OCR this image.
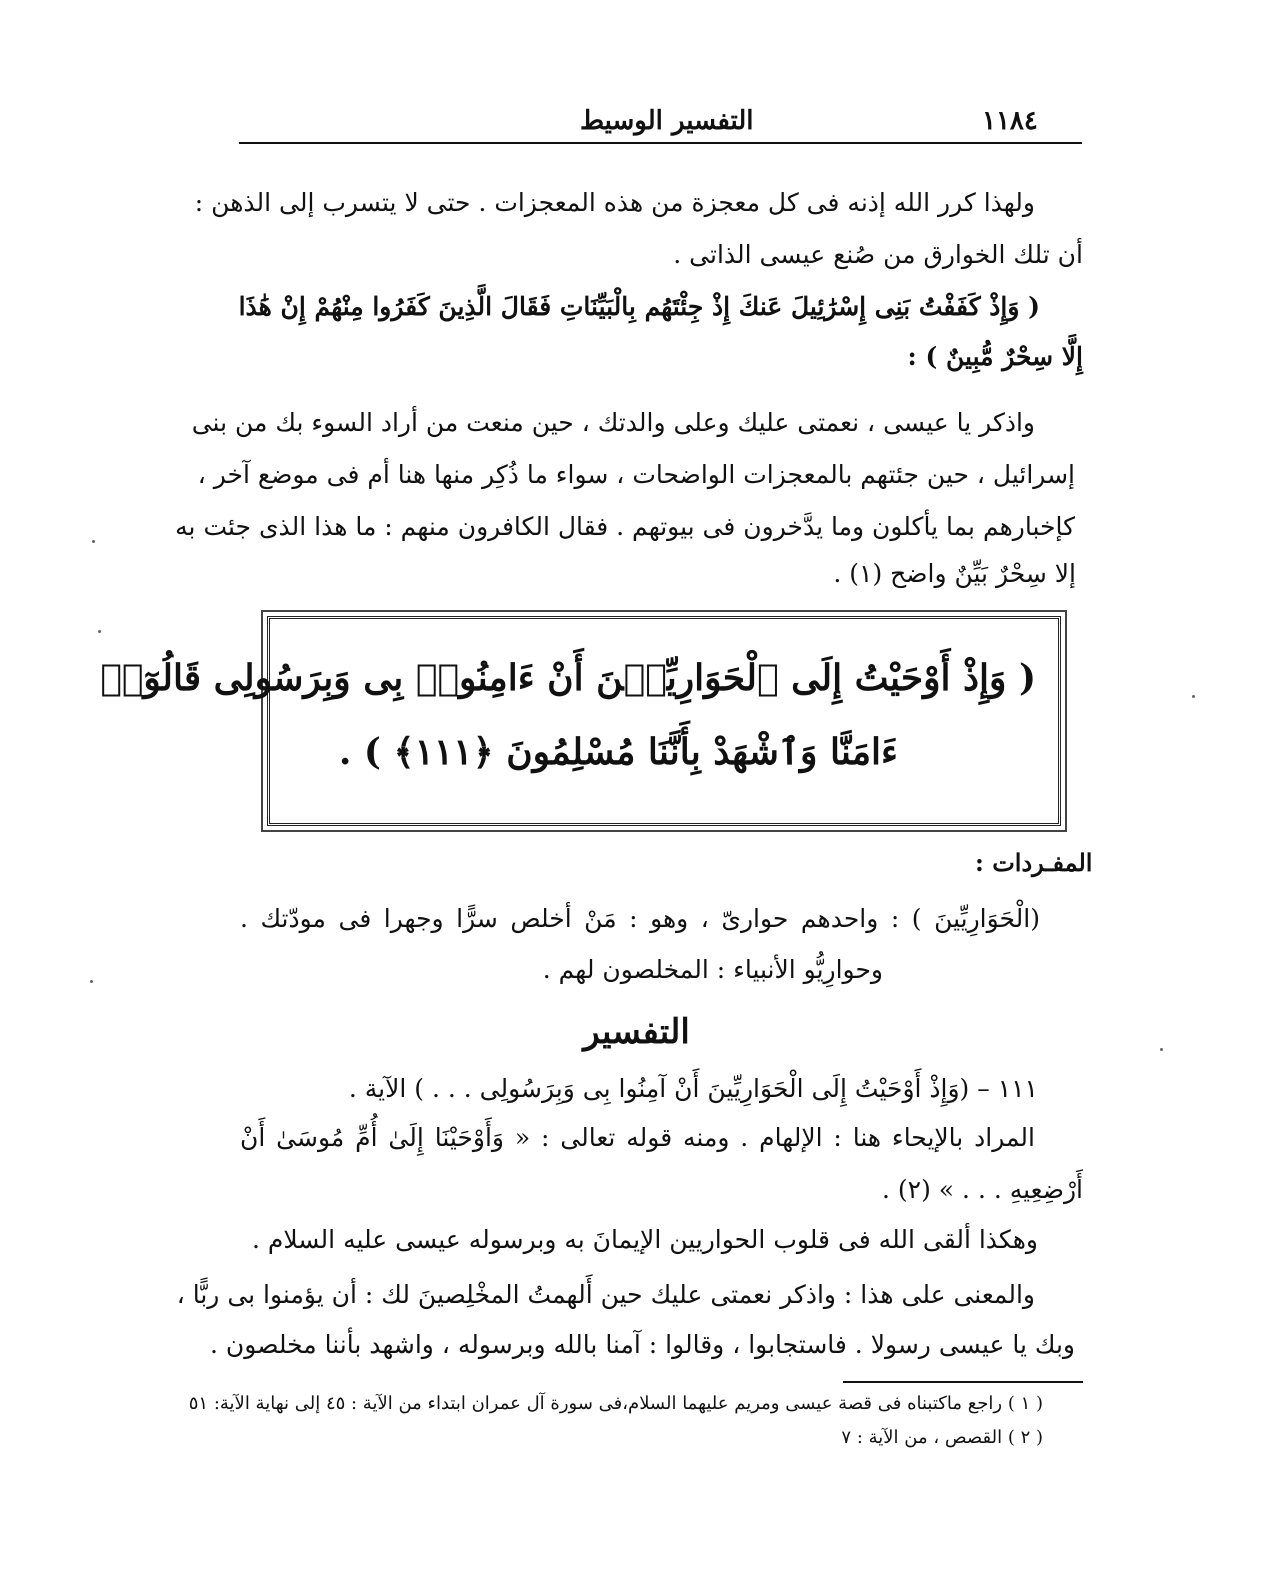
١١٨٤
التفسير الوسيط
ولهذا كرر الله إذنه فى كل معجزة من هذه المعجزات . حتى لا يتسرب إلى الذهن :
أن تلك الخوارق من صُنع عيسى الذاتى .
( وَإِذْ كَفَفْتُ بَنِى إِسْرَٰئِيلَ عَنكَ إِذْ جِئْتَهُم بِالْبَيِّنَاتِ فَقَالَ الَّذِينَ كَفَرُوا مِنْهُمْ إِنْ هَٰذَا
إِلَّا سِحْرٌ مُّبِينٌ ) :
واذكر يا عيسى ، نعمتى عليك وعلى والدتك ، حين منعت من أراد السوء بك من بنى
إسرائيل ، حين جئتهم بالمعجزات الواضحات ، سواء ما ذُكِر منها هنا أم فى موضع آخر ،
كإخبارهم بما يأكلون وما يدَّخرون فى بيوتهم . فقال الكافرون منهم : ما هذا الذى جئت به
إلا سِحْرٌ بَيِّنٌ واضح (١) .
( وَإِذْ أَوْحَيْتُ إِلَى ٱلْحَوَارِيِّـۧنَ أَنْ ءَامِنُوا۟ بِى وَبِرَسُولِى قَالُوٓا۟
ءَامَنَّا وَٱشْهَدْ بِأَنَّنَا مُسْلِمُونَ ﴿١١١﴾ ) .
المفـردات :
(الْحَوَارِيِّينَ ) : واحدهم حوارىّ ، وهو : مَنْ أخلص سرًّا وجهرا فى مودّتك .
وحوارِيُّو الأنبياء : المخلصون لهم .
التفسير
١١١ – (وَإِذْ أَوْحَيْتُ إِلَى الْحَوَارِيِّينَ أَنْ آمِنُوا بِى وَبِرَسُولِى . . . ) الآية .
المراد بالإيحاء هنا : الإلهام . ومنه قوله تعالى : « وَأَوْحَيْنَا إِلَىٰ أُمِّ مُوسَىٰ أَنْ
أَرْضِعِيهِ . . . » (٢) .
وهكذا ألقى الله فى قلوب الحواريين الإيمانَ به وبرسوله عيسى عليه السلام .
والمعنى على هذا : واذكر نعمتى عليك حين أَلهمتُ المخْلِصينَ لك : أن يؤمنوا بى ربًّا ،
وبك يا عيسى رسولا . فاستجابوا ، وقالوا : آمنا بالله وبرسوله ، واشهد بأننا مخلصون .
( ١ ) راجع ماكتبناه فى قصة عيسى ومريم عليهما السلام،فى سورة آل عمران ابتداء من الآية : ٤٥ إلى نهاية الآية: ٥١
( ٢ ) القصص ، من الآية : ٧
